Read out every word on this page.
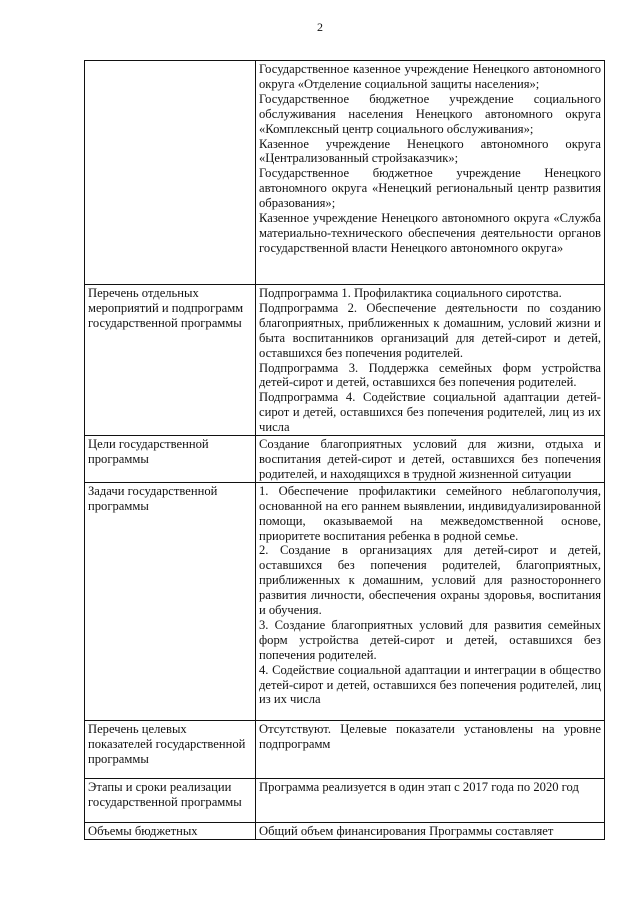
2

	Государственное казенное учреждение Ненецкого автономного округа «Отделение социальной защиты населения»;

Государственное бюджетное учреждение социального обслуживания населения Ненецкого автономного округа «Комплексный центр социального обслуживания»;

Казенное учреждение Ненецкого автономного округа «Централизованный стройзаказчик»;

Государственное бюджетное учреждение Ненецкого автономного округа «Ненецкий региональный центр развития образования»;

Казенное учреждение Ненецкого автономного округа «Служба материально-технического обеспечения деятельности органов государственной власти Ненецкого автономного округа»

Перечень отдельных мероприятий и подпрограмм государственной программы	Подпрограмма 1. Профилактика социального сиротства.

Подпрограмма 2. Обеспечение деятельности по созданию благоприятных, приближенных к домашним, условий жизни и быта воспитанников организаций для детей-сирот и детей, оставшихся без попечения родителей.

Подпрограмма 3. Поддержка семейных форм устройства детей-сирот и детей, оставшихся без попечения родителей.

Подпрограмма 4. Содействие социальной адаптации детей-сирот и детей, оставшихся без попечения родителей, лиц из их числа

Цели государственной программы	Создание благоприятных условий для жизни, отдыха и воспитания детей-сирот и детей, оставшихся без попечения родителей, и находящихся в трудной жизненной ситуации

Задачи государственной программы	1. Обеспечение профилактики семейного неблагополучия, основанной на его раннем выявлении, индивидуализированной помощи, оказываемой на межведомственной основе, приоритете воспитания ребенка в родной семье.

2. Создание в организациях для детей-сирот и детей, оставшихся без попечения родителей, благоприятных, приближенных к домашним, условий для разностороннего развития личности, обеспечения охраны здоровья, воспитания и обучения.

3. Создание благоприятных условий для развития семейных форм устройства детей-сирот и детей, оставшихся без попечения родителей.

4. Содействие социальной адаптации и интеграции в общество детей-сирот и детей, оставшихся без попечения родителей, лиц из их числа

Перечень целевых показателей государственной программы	Отсутствуют. Целевые показатели установлены на уровне подпрограмм

Этапы и сроки реализации государственной программы	Программа реализуется в один этап с 2017 года по 2020 год

Объемы бюджетных	Общий объем финансирования Программы составляет
